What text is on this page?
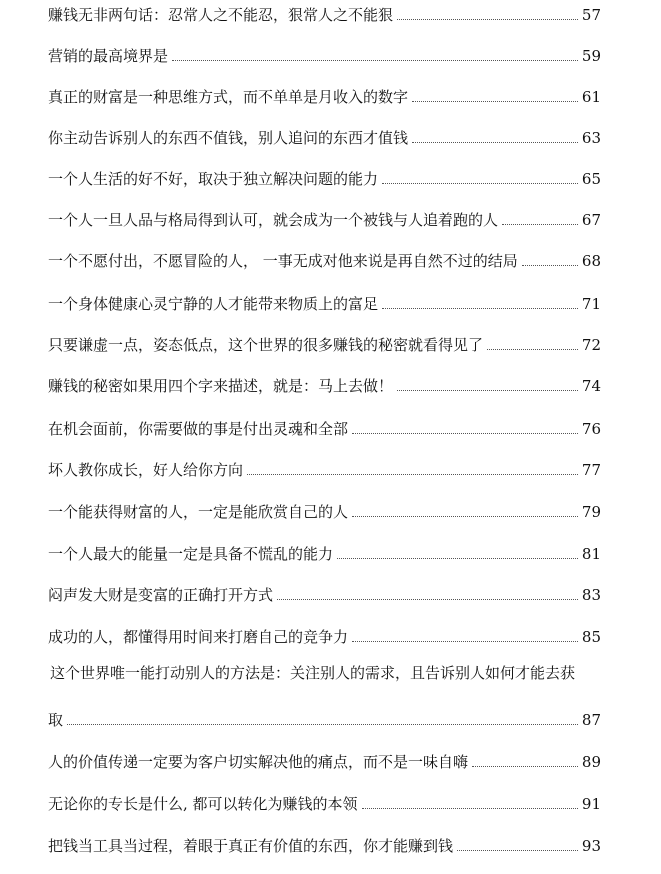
赚钱无非两句话：忍常人之不能忍，狠常人之不能狠	57
营销的最高境界是	59
真正的财富是一种思维方式，而不单单是月收入的数字	61
你主动告诉别人的东西不值钱，别人追问的东西才值钱	63
一个人生活的好不好，取决于独立解决问题的能力	65
一个人一旦人品与格局得到认可，就会成为一个被钱与人追着跑的人	67
一个不愿付出，不愿冒险的人， 一事无成对他来说是再自然不过的结局	68
一个身体健康心灵宁静的人才能带来物质上的富足	71
只要谦虚一点，姿态低点，这个世界的很多赚钱的秘密就看得见了	72
赚钱的秘密如果用四个字来描述，就是：马上去做！	74
在机会面前，你需要做的事是付出灵魂和全部	76
坏人教你成长，好人给你方向	77
一个能获得财富的人，一定是能欣赏自己的人	79
一个人最大的能量一定是具备不慌乱的能力	81
闷声发大财是变富的正确打开方式	83
成功的人，都懂得用时间来打磨自己的竞争力	85
这个世界唯一能打动别人的方法是：关注别人的需求，且告诉别人如何才能去获
取	87
人的价值传递一定要为客户切实解决他的痛点，而不是一味自嗨	89
无论你的专长是什么, 都可以转化为赚钱的本领	91
把钱当工具当过程，着眼于真正有价值的东西，你才能赚到钱	93
